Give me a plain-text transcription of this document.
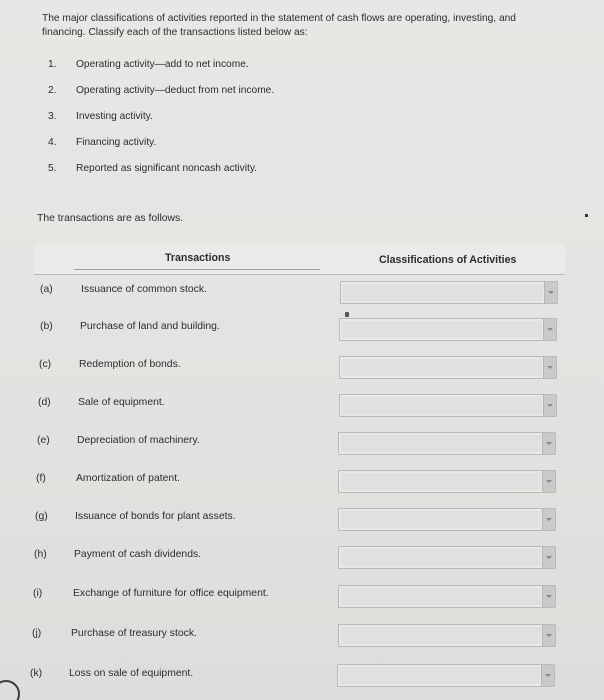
The major classifications of activities reported in the statement of cash flows are operating, investing, and
financing. Classify each of the transactions listed below as:
1. Operating activity—add to net income.
2. Operating activity—deduct from net income.
3. Investing activity.
4. Financing activity.
5. Reported as significant noncash activity.
The transactions are as follows.
Transactions	Classifications of Activities
(a)	Issuance of common stock.
(b)	Purchase of land and building.
(c)	Redemption of bonds.
(d)	Sale of equipment.
(e)	Depreciation of machinery.
(f)	Amortization of patent.
(g)	Issuance of bonds for plant assets.
(h)	Payment of cash dividends.
(i)	Exchange of furniture for office equipment.
(j)	Purchase of treasury stock.
(k)	Loss on sale of equipment.
